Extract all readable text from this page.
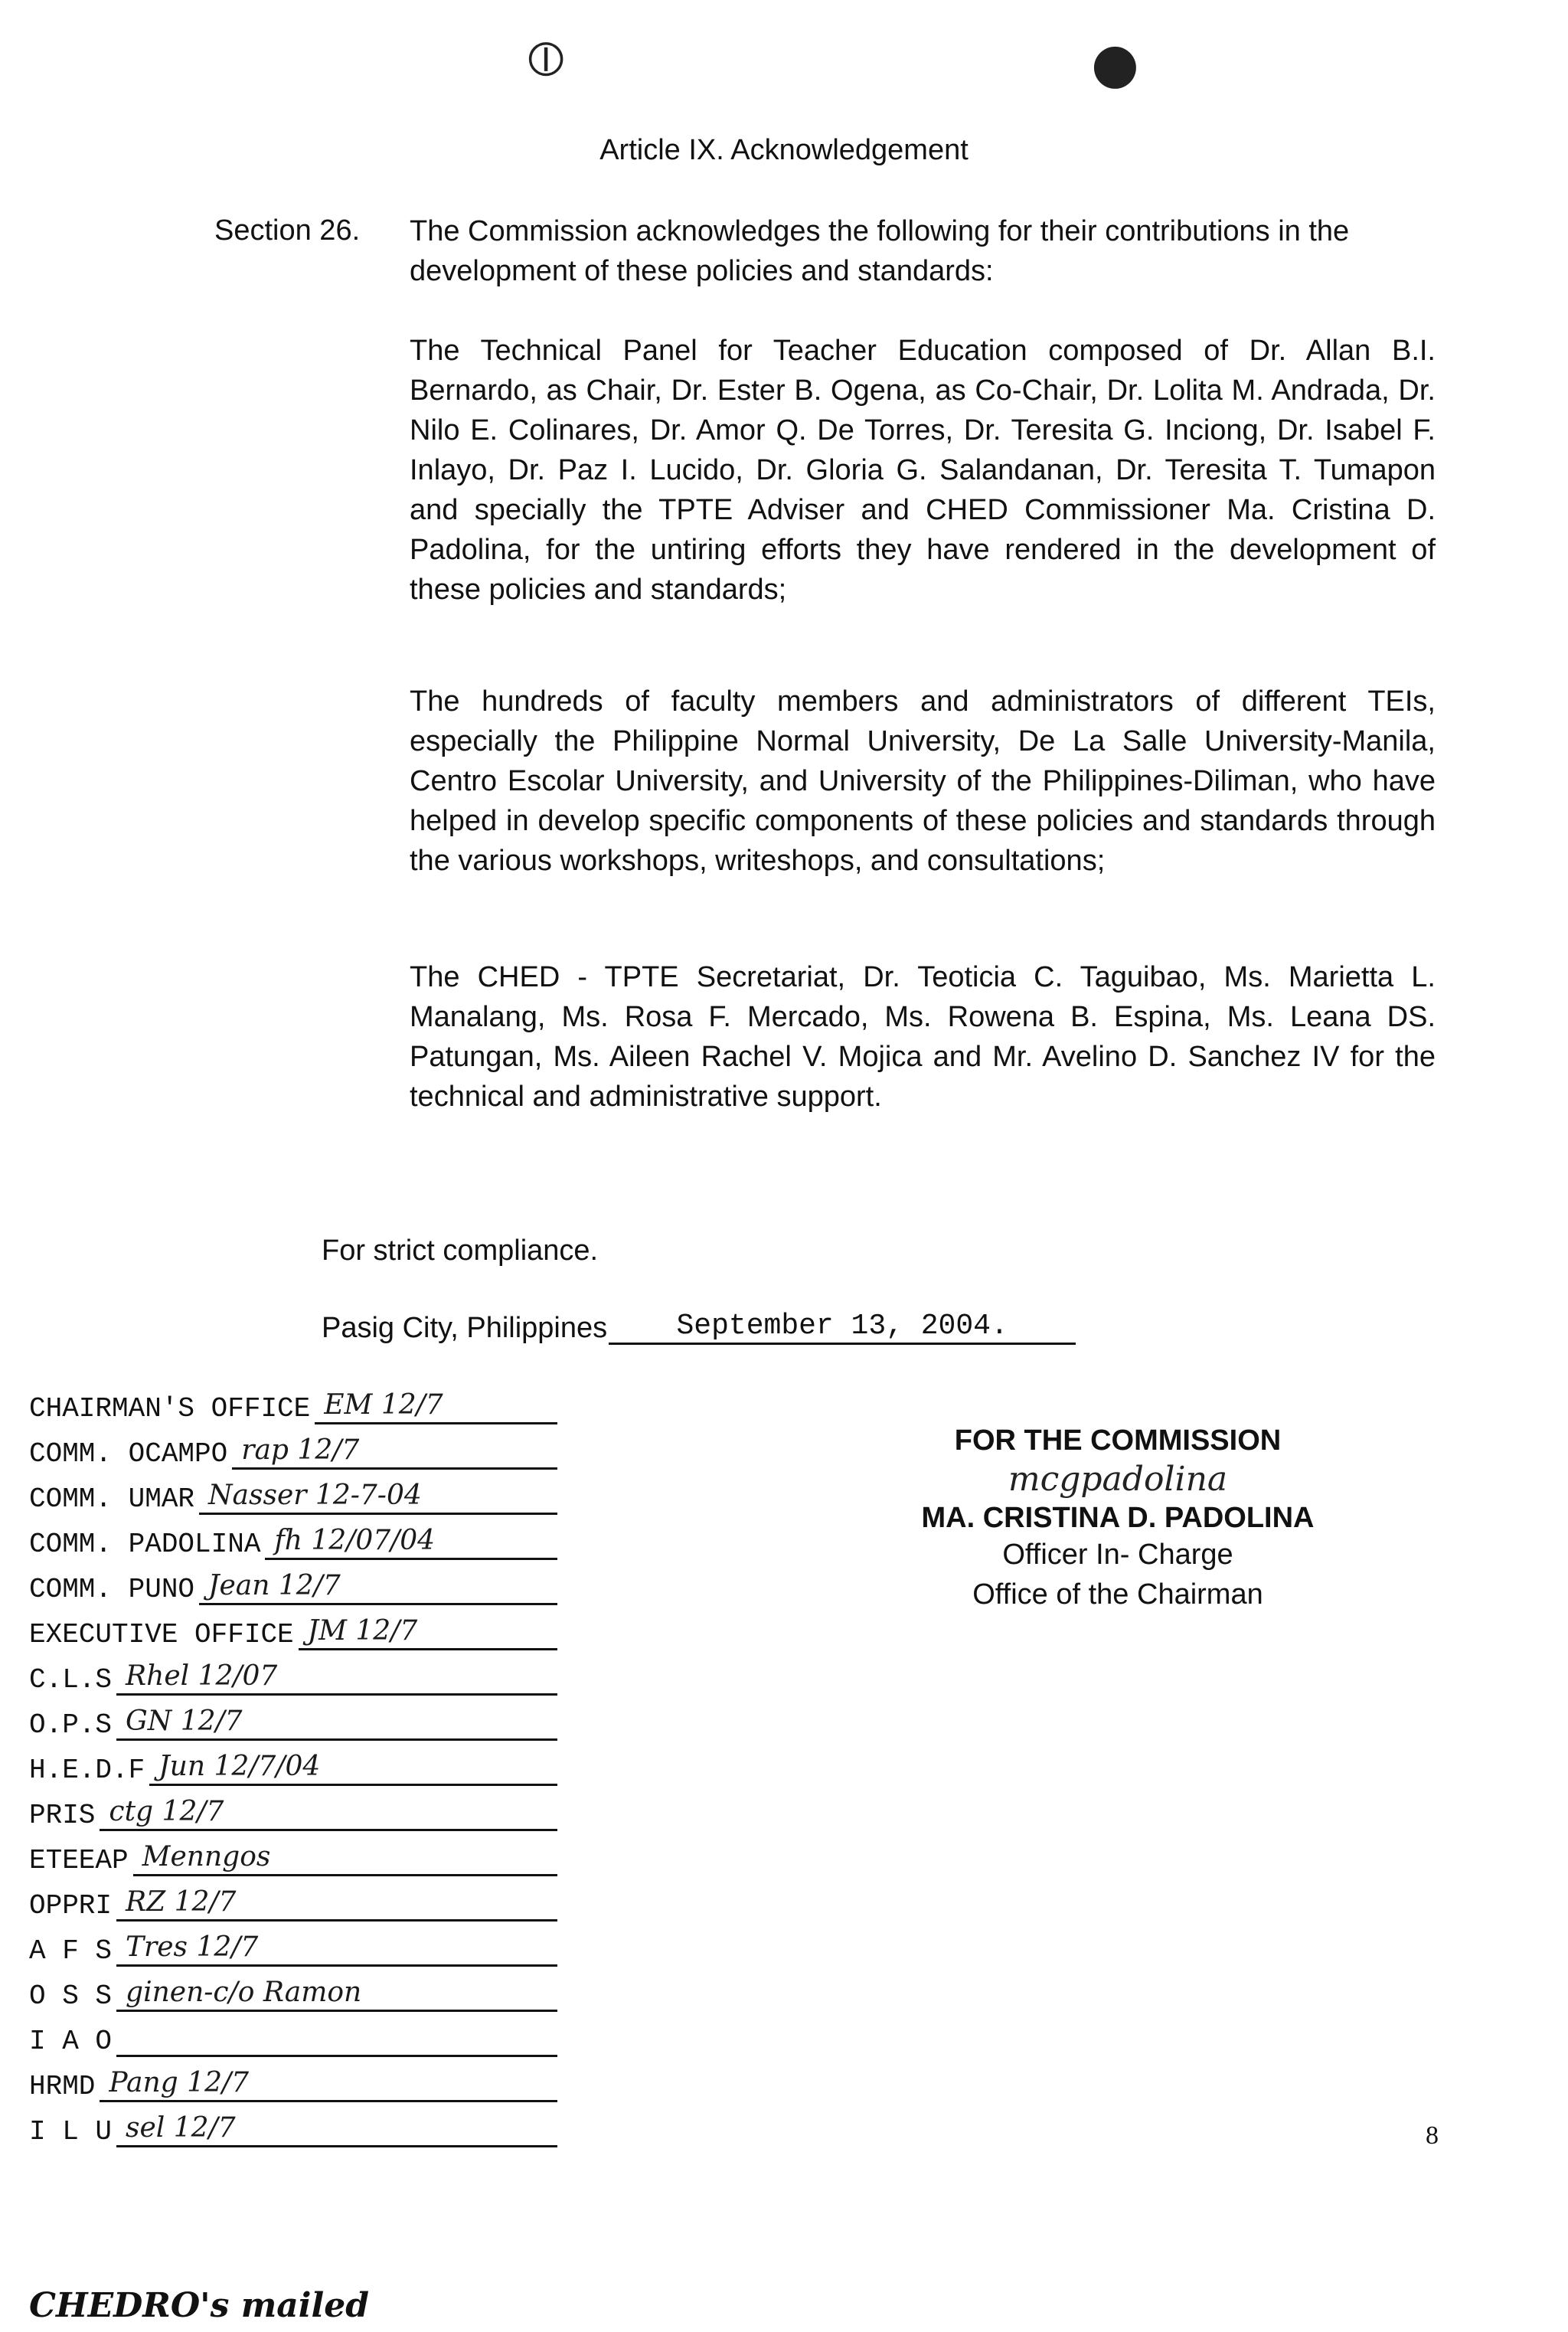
⦶	●
Article IX. Acknowledgement
Section 26. The Commission acknowledges the following for their contributions in the development of these policies and standards:
The Technical Panel for Teacher Education composed of Dr. Allan B.I. Bernardo, as Chair, Dr. Ester B. Ogena, as Co-Chair, Dr. Lolita M. Andrada, Dr. Nilo E. Colinares, Dr. Amor Q. De Torres, Dr. Teresita G. Inciong, Dr. Isabel F. Inlayo, Dr. Paz I. Lucido, Dr. Gloria G. Salandanan, Dr. Teresita T. Tumapon and specially the TPTE Adviser and CHED Commissioner Ma. Cristina D. Padolina, for the untiring efforts they have rendered in the development of these policies and standards;
The hundreds of faculty members and administrators of different TEIs, especially the Philippine Normal University, De La Salle University-Manila, Centro Escolar University, and University of the Philippines-Diliman, who have helped in develop specific components of these policies and standards through the various workshops, writeshops, and consultations;
The CHED - TPTE Secretariat, Dr. Teoticia C. Taguibao, Ms. Marietta L. Manalang, Ms. Rosa F. Mercado, Ms. Rowena B. Espina, Ms. Leana DS. Patungan, Ms. Aileen Rachel V. Mojica and Mr. Avelino D. Sanchez IV for the technical and administrative support.
For strict compliance.
Pasig City, Philippines	September 13, 2004.
CHAIRMAN'S OFFICE EM 12/7
COMM. OCAMPO rap 12/7
COMM. UMAR Nasser 12-7-04
COMM. PADOLINA fh 12/07/04
COMM. PUNO Jean 12/7
EXECUTIVE OFFICE JM 12/7
C.L.S Rhel 12/07
O.P.S GN 12/7
H.E.D.F Jun 12/7/04
PRIS ctg 12/7
ETEEAP Menngos
OPPRI RZ 12/7
A F S Tres 12/7
O S S ginen-c/o Ramon
I A O
HRMD Pang 12/7
I L U sel 12/7
CHEDRO's mailed
FOR THE COMMISSION
mcgpadolina
MA. CRISTINA D. PADOLINA
Officer In- Charge
Office of the Chairman
8
